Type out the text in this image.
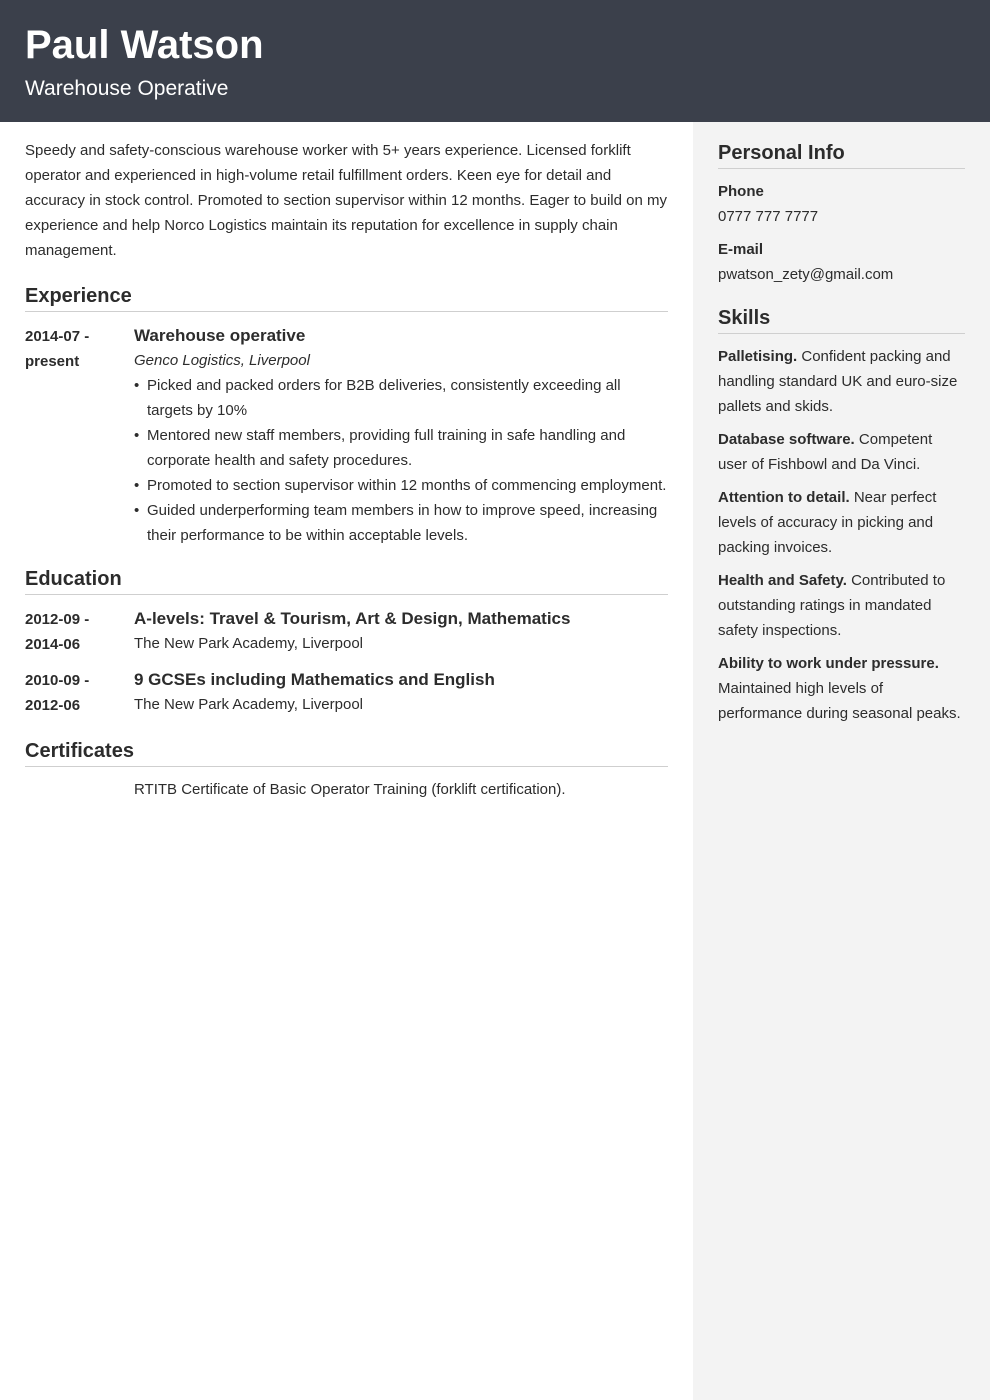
Paul Watson
Warehouse Operative

Speedy and safety-conscious warehouse worker with 5+ years experience. Licensed forklift operator and experienced in high-volume retail fulfillment orders. Keen eye for detail and accuracy in stock control. Promoted to section supervisor within 12 months. Eager to build on my experience and help Norco Logistics maintain its reputation for excellence in supply chain management.

Experience
2014-07 -
present
Warehouse operative
Genco Logistics, Liverpool
• Picked and packed orders for B2B deliveries, consistently exceeding all targets by 10%
• Mentored new staff members, providing full training in safe handling and corporate health and safety procedures.
• Promoted to section supervisor within 12 months of commencing employment.
• Guided underperforming team members in how to improve speed, increasing their performance to be within acceptable levels.
Education
2012-09 -
2014-06
A-levels: Travel & Tourism, Art & Design, Mathematics
The New Park Academy, Liverpool
2010-09 -
2012-06
9 GCSEs including Mathematics and English
The New Park Academy, Liverpool
Certificates
RTITB Certificate of Basic Operator Training (forklift certification).
Personal Info
Phone
0777 777 7777
E-mail
pwatson_zety@gmail.com
Skills
Palletising. Confident packing and handling standard UK and euro-size pallets and skids.
Database software. Competent user of Fishbowl and Da Vinci.
Attention to detail. Near perfect levels of accuracy in picking and packing invoices.
Health and Safety. Contributed to outstanding ratings in mandated safety inspections.
Ability to work under pressure. Maintained high levels of performance during seasonal peaks.
